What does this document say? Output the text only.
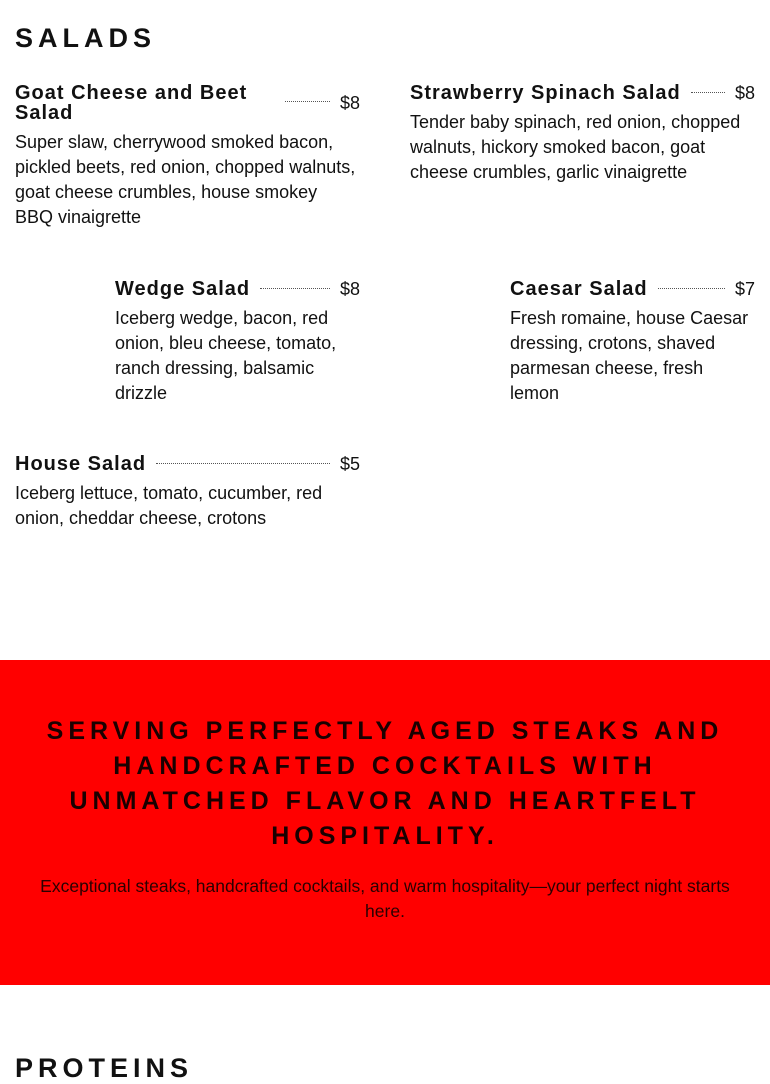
SALADS
Goat Cheese and Beet Salad	$8
Super slaw, cherrywood smoked bacon, pickled beets, red onion, chopped walnuts, goat cheese crumbles, house smokey BBQ vinaigrette
Strawberry Spinach Salad	$8
Tender baby spinach, red onion, chopped walnuts, hickory smoked bacon, goat cheese crumbles, garlic vinaigrette
Wedge Salad	$8
Iceberg wedge, bacon, red onion, bleu cheese, tomato, ranch dressing, balsamic drizzle
Caesar Salad	$7
Fresh romaine, house Caesar dressing, crotons, shaved parmesan cheese, fresh lemon
House Salad	$5
Iceberg lettuce, tomato, cucumber, red onion, cheddar cheese, crotons
SERVING PERFECTLY AGED STEAKS AND HANDCRAFTED COCKTAILS WITH UNMATCHED FLAVOR AND HEARTFELT HOSPITALITY.

Exceptional steaks, handcrafted cocktails, and warm hospitality—your perfect night starts here.

PROTEINS
